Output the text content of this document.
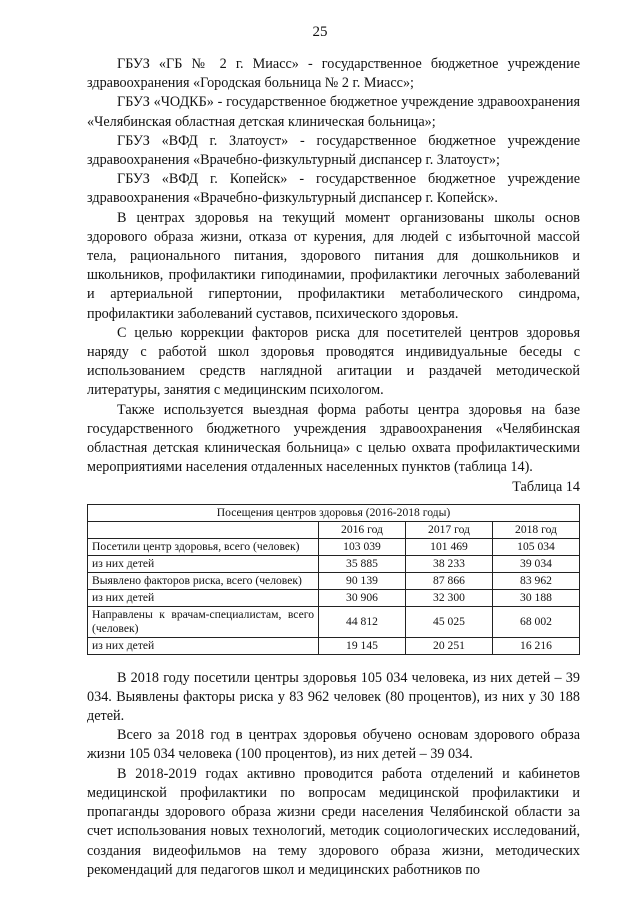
25

ГБУЗ «ГБ № 2 г. Миасс» - государственное бюджетное учреждение здравоохранения «Городская больница № 2 г. Миасс»;

ГБУЗ «ЧОДКБ» - государственное бюджетное учреждение здравоохранения «Челябинская областная детская клиническая больница»;

ГБУЗ «ВФД г. Златоуст» - государственное бюджетное учреждение здравоохранения «Врачебно-физкультурный диспансер г. Златоуст»;

ГБУЗ «ВФД г. Копейск» - государственное бюджетное учреждение здравоохранения «Врачебно-физкультурный диспансер г. Копейск».

В центрах здоровья на текущий момент организованы школы основ здорового образа жизни, отказа от курения, для людей с избыточной массой тела, рационального питания, здорового питания для дошкольников и школьников, профилактики гиподинамии, профилактики легочных заболеваний и артериальной гипертонии, профилактики метаболического синдрома, профилактики заболеваний суставов, психического здоровья.

С целью коррекции факторов риска для посетителей центров здоровья наряду с работой школ здоровья проводятся индивидуальные беседы с использованием средств наглядной агитации и раздачей методической литературы, занятия с медицинским психологом.

Также используется выездная форма работы центра здоровья на базе государственного бюджетного учреждения здравоохранения «Челябинская областная детская клиническая больница» с целью охвата профилактическими мероприятиями населения отдаленных населенных пунктов (таблица 14).

Таблица 14
Посещения центров здоровья (2016-2018 годы)			
	2016 год	2017 год	2018 год
Посетили центр здоровья, всего (человек)	103 039	101 469	105 034
из них детей	35 885	38 233	39 034
Выявлено факторов риска, всего (человек)	90 139	87 866	83 962
из них детей	30 906	32 300	30 188
Направлены к врачам-специалистам, всего (человек)	44 812	45 025	68 002
из них детей	19 145	20 251	16 216

В 2018 году посетили центры здоровья 105 034 человека, из них детей – 39 034. Выявлены факторы риска у 83 962 человек (80 процентов), из них у 30 188 детей.

Всего за 2018 год в центрах здоровья обучено основам здорового образа жизни 105 034 человека (100 процентов), из них детей – 39 034.

В 2018-2019 годах активно проводится работа отделений и кабинетов медицинской профилактики по вопросам медицинской профилактики и пропаганды здорового образа жизни среди населения Челябинской области за счет использования новых технологий, методик социологических исследований, создания видеофильмов на тему здорового образа жизни, методических рекомендаций для педагогов школ и медицинских работников по
